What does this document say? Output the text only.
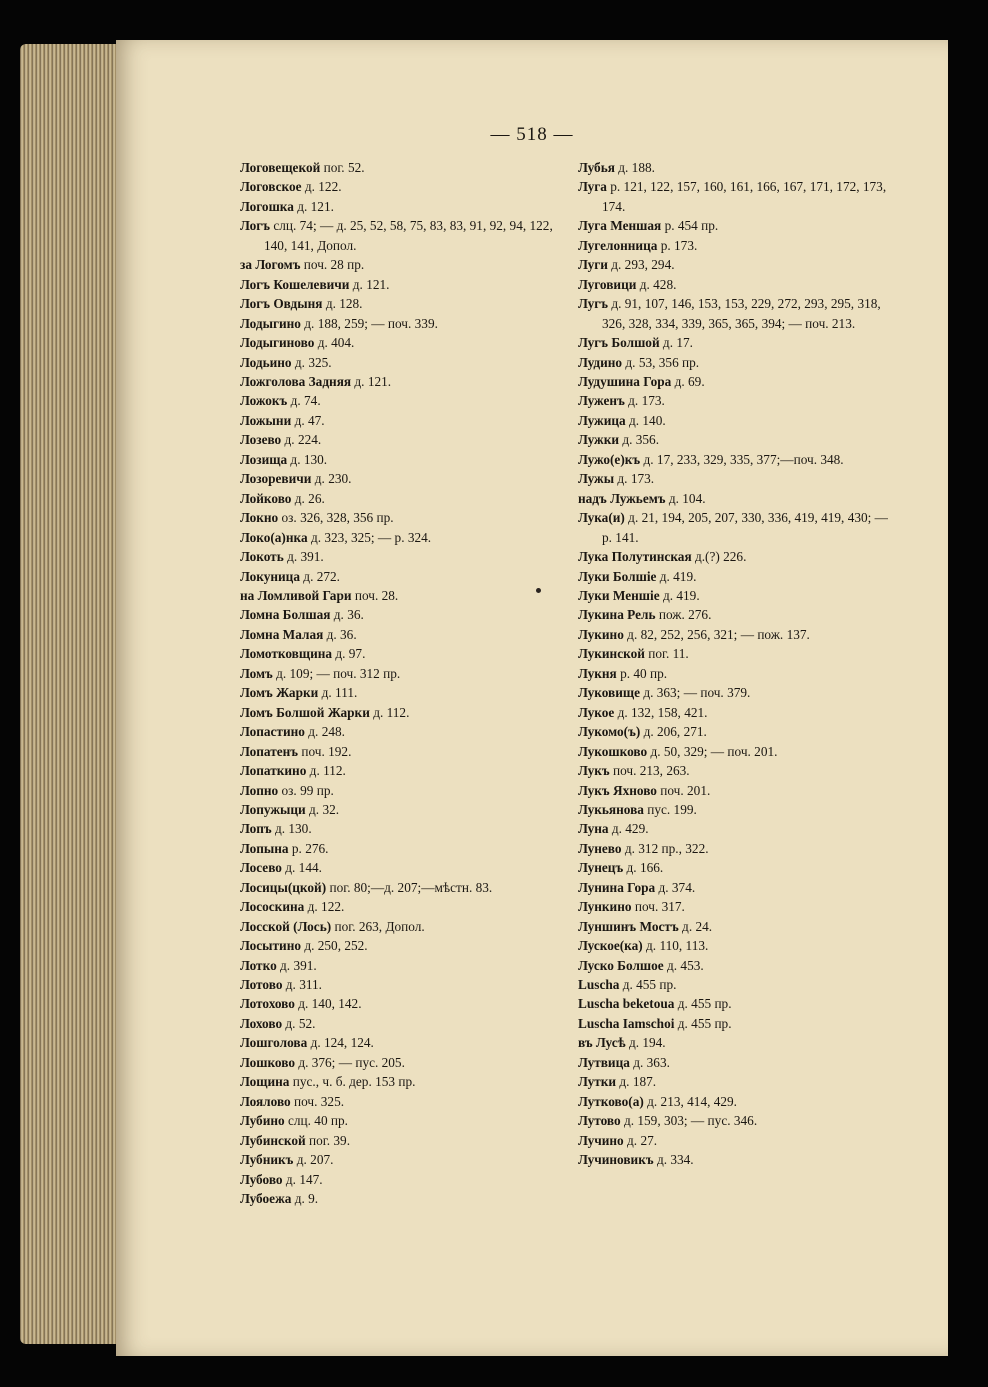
— 518 —

Логовещекой пог. 52.

Логовское д. 122.

Логошка д. 121.

Логъ слц. 74; — д. 25, 52, 58, 75, 83, 83, 91, 92, 94, 122, 140, 141, Допол.

за Логомъ поч. 28 пр.

Логъ Кошелевичи д. 121.

Логъ Овдыня д. 128.

Лодыгино д. 188, 259; — поч. 339.

Лодыгиново д. 404.

Лодьино д. 325.

Ложголова Задняя д. 121.

Ложокъ д. 74.

Ложыни д. 47.

Лозево д. 224.

Лозища д. 130.

Лозоревичи д. 230.

Лойково д. 26.

Локно оз. 326, 328, 356 пр.

Локо(а)нка д. 323, 325; — р. 324.

Локоть д. 391.

Локуница д. 272.

на Ломливой Гари поч. 28.

Ломна Болшая д. 36.

Ломна Малая д. 36.

Ломотковщина д. 97.

Ломъ д. 109; — поч. 312 пр.

Ломъ Жарки д. 111.

Ломъ Болшой Жарки д. 112.

Лопастино д. 248.

Лопатенъ поч. 192.

Лопаткино д. 112.

Лопно оз. 99 пр.

Лопужыци д. 32.

Лопъ д. 130.

Лопына р. 276.

Лосево д. 144.

Лосицы(цкой) пог. 80;—д. 207;—мѣстн. 83.

Лососкина д. 122.

Лосской (Лось) пог. 263, Допол.

Лосытино д. 250, 252.

Лотко д. 391.

Лотово д. 311.

Лотохово д. 140, 142.

Лохово д. 52.

Лошголова д. 124, 124.

Лошково д. 376; — пус. 205.

Лощина пус., ч. б. дер. 153 пр.

Лоялово поч. 325.

Лубино слц. 40 пр.

Лубинской пог. 39.

Лубникъ д. 207.

Лубово д. 147.

Лубоежа д. 9.

Лубья д. 188.

Луга р. 121, 122, 157, 160, 161, 166, 167, 171, 172, 173, 174.

Луга Меншая р. 454 пр.

Лугелонница р. 173.

Луги д. 293, 294.

Луговици д. 428.

Лугъ д. 91, 107, 146, 153, 153, 229, 272, 293, 295, 318, 326, 328, 334, 339, 365, 365, 394; — поч. 213.

Лугъ Болшой д. 17.

Лудино д. 53, 356 пр.

Лудушина Гора д. 69.

Луженъ д. 173.

Лужица д. 140.

Лужки д. 356.

Лужо(е)къ д. 17, 233, 329, 335, 377;—поч. 348.

Лужы д. 173.

надъ Лужьемъ д. 104.

Лука(и) д. 21, 194, 205, 207, 330, 336, 419, 419, 430; — р. 141.

Лука Полутинская д.(?) 226.

Луки Болшіе д. 419.

Луки Меншіе д. 419.

Лукина Рель пож. 276.

Лукино д. 82, 252, 256, 321; — пож. 137.

Лукинской пог. 11.

Лукня р. 40 пр.

Луковище д. 363; — поч. 379.

Лукое д. 132, 158, 421.

Лукомо(ъ) д. 206, 271.

Лукошково д. 50, 329; — поч. 201.

Лукъ поч. 213, 263.

Лукъ Яхново поч. 201.

Лукьянова пус. 199.

Луна д. 429.

Лунево д. 312 пр., 322.

Лунецъ д. 166.

Лунина Гора д. 374.

Лункино поч. 317.

Луншинъ Мостъ д. 24.

Луское(ка) д. 110, 113.

Луско Болшое д. 453.

Luscha д. 455 пр.

Luscha beketoua д. 455 пр.

Luscha Iamschoi д. 455 пр.

въ Лусѣ д. 194.

Лутвица д. 363.

Лутки д. 187.

Лутково(а) д. 213, 414, 429.

Лутово д. 159, 303; — пус. 346.

Лучино д. 27.

Лучиновикъ д. 334.
